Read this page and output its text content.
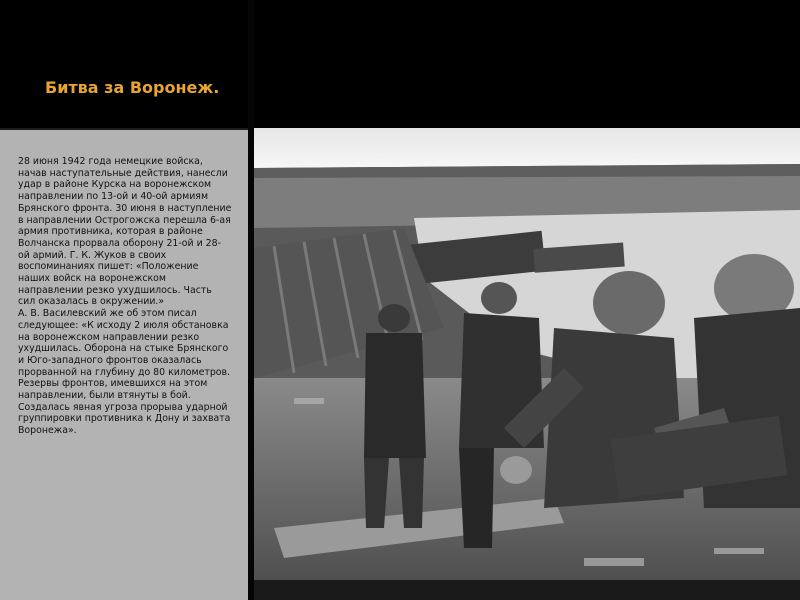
Битва за Воронеж.

28 июня 1942 года немецкие войска, начав наступательные действия, нанесли удар в районе Курска на воронежском направлении по 13-ой и 40-ой армиям Брянского фронта. 30 июня в наступление в направлении Острогожска перешла 6-ая армия противника, которая в районе Волчанска прорвала оборону 21-ой и 28-ой армий. Г. К. Жуков в своих воспоминаниях пишет: «Положение наших войск на воронежском направлении резко ухудшилось. Часть сил оказалась в окружении.»
А. В. Василевский же об этом писал следующее: «К исходу 2 июля обстановка на воронежском направлении резко ухудшилась. Оборона на стыке Брянского и Юго-западного фронтов оказалась прорванной на глубину до 80 километров. Резервы фронтов, имевшихся на этом направлении, были втянуты в бой. Создалась явная угроза прорыва ударной группировки противника к Дону и захвата Воронежа».
